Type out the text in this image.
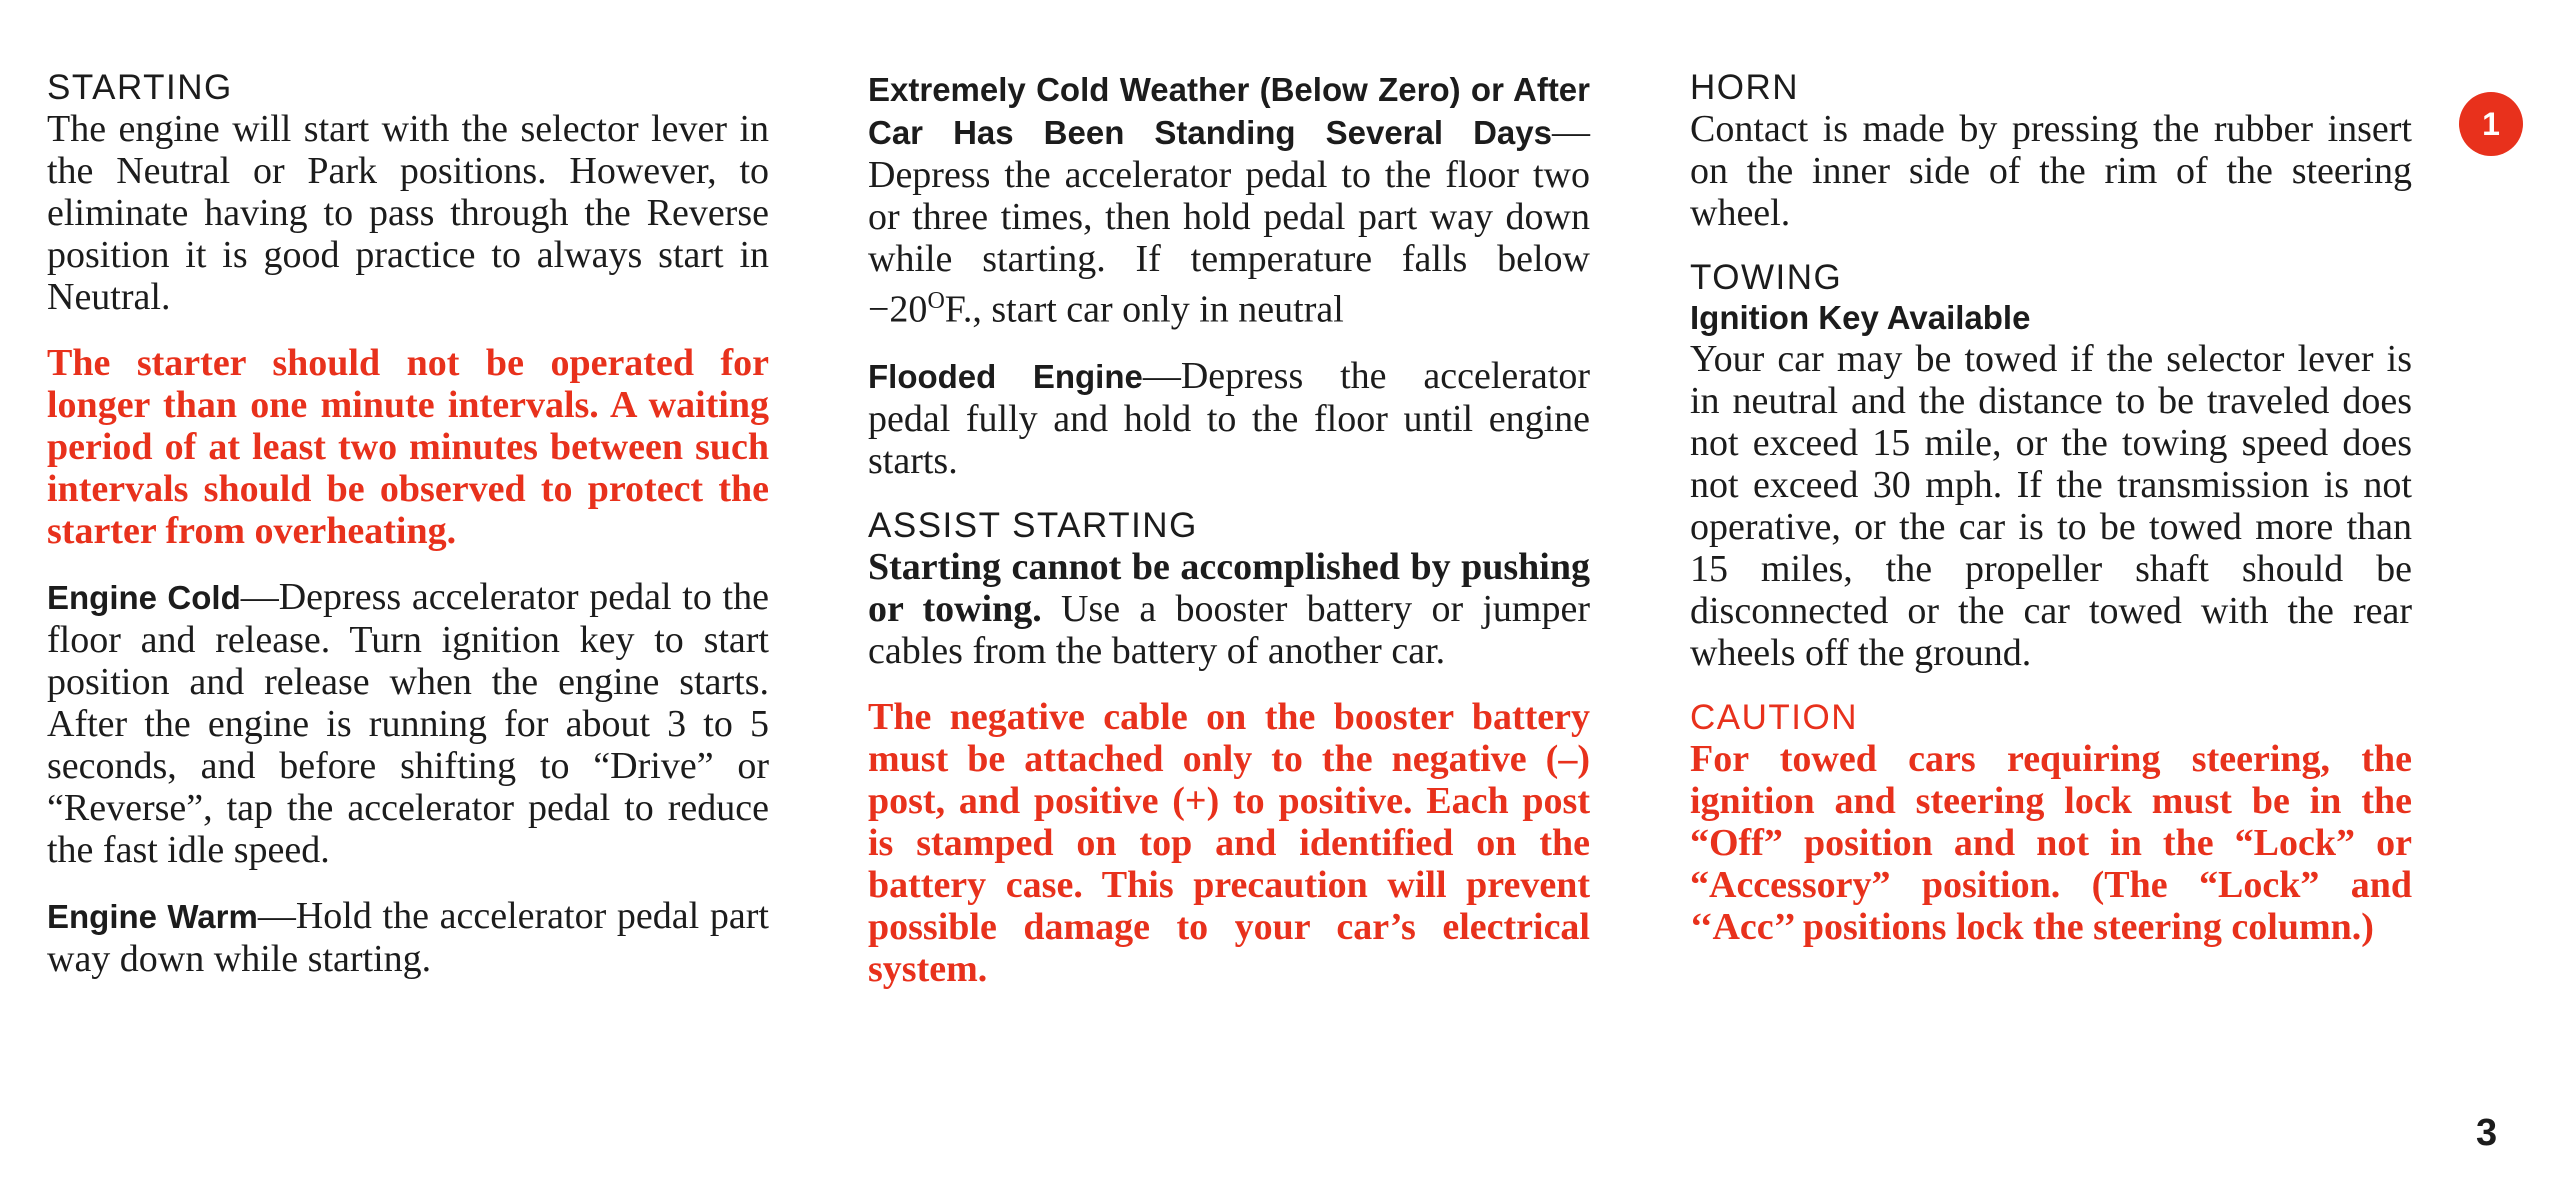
STARTING
The engine will start with the selector lever in the Neutral or Park positions. However, to eliminate having to pass through the Reverse position it is good practice to always start in Neutral.

The starter should not be operated for longer than one minute intervals. A waiting period of at least two minutes between such intervals should be observed to protect the starter from overheating.

Engine Cold—Depress accelerator pedal to the floor and release. Turn ignition key to start position and release when the engine starts. After the engine is running for about 3 to 5 seconds, and before shifting to “Drive” or “Reverse”, tap the accelerator pedal to reduce the fast idle speed.

Engine Warm—Hold the accelerator pedal part way down while starting.

Extremely Cold Weather (Below Zero) or After Car Has Been Standing Several Days—Depress the accelerator pedal to the floor two or three times, then hold pedal part way down while starting. If temperature falls below $-20^OF$., start car only in neutral

Flooded Engine—Depress the accelerator pedal fully and hold to the floor until engine starts.

ASSIST STARTING
Starting cannot be accomplished by pushing or towing. Use a booster battery or jumper cables from the battery of another car.

The negative cable on the booster battery must be attached only to the negative (–) post, and positive (+) to positive. Each post is stamped on top and identified on the battery case. This precaution will prevent possible damage to your car’s electrical system.

HORN
Contact is made by pressing the rubber insert on the inner side of the rim of the steering wheel.

TOWING
Ignition Key Available
Your car may be towed if the selector lever is in neutral and the distance to be traveled does not exceed 15 mile, or the towing speed does not exceed 30 mph. If the transmission is not operative, or the car is to be towed more than 15 miles, the propeller shaft should be disconnected or the car towed with the rear wheels off the ground.

CAUTION
For towed cars requiring steering, the ignition and steering lock must be in the “Off” position and not in the “Lock” or “Accessory” position. (The “Lock” and ‘‘Acc’’ positions lock the steering column.)

1
3
